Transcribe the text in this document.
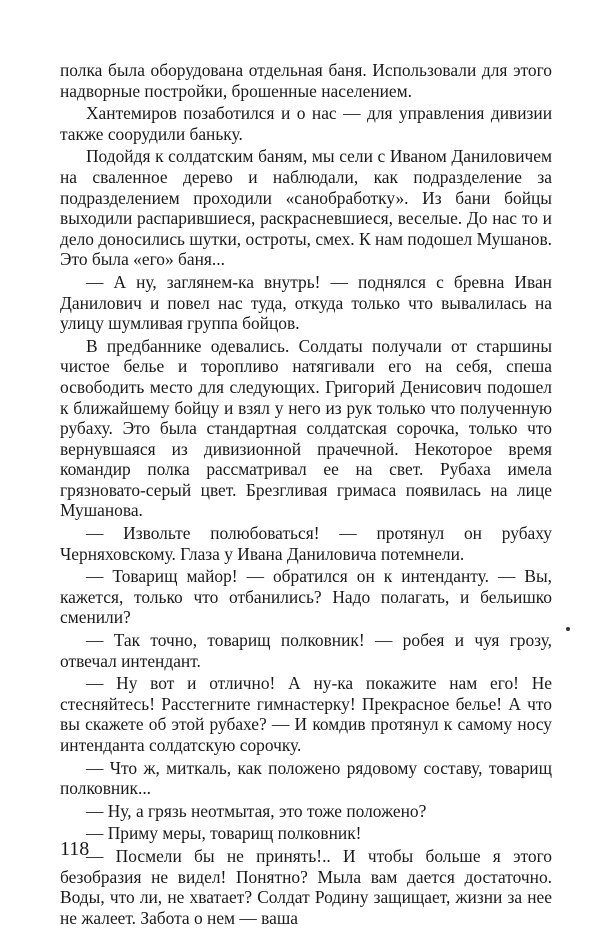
полка была оборудована отдельная баня. Использовали для этого надворные постройки, брошенные населением.

Хантемиров позаботился и о нас — для управления дивизии также соорудили баньку.

Подойдя к солдатским баням, мы сели с Иваном Даниловичем на сваленное дерево и наблюдали, как подразделение за подразделением проходили «санобработку». Из бани бойцы выходили распарившиеся, раскрасневшиеся, веселые. До нас то и дело доносились шутки, остроты, смех. К нам подошел Мушанов. Это была «его» баня...

— А ну, заглянем-ка внутрь! — поднялся с бревна Иван Данилович и повел нас туда, откуда только что вывалилась на улицу шумливая группа бойцов.

В предбаннике одевались. Солдаты получали от старшины чистое белье и торопливо натягивали его на себя, спеша освободить место для следующих. Григорий Денисович подошел к ближайшему бойцу и взял у него из рук только что полученную рубаху. Это была стандартная солдатская сорочка, только что вернувшаяся из дивизионной прачечной. Некоторое время командир полка рассматривал ее на свет. Рубаха имела грязновато-серый цвет. Брезгливая гримаса появилась на лице Мушанова.

— Извольте полюбоваться! — протянул он рубаху Черняховскому. Глаза у Ивана Даниловича потемнели.

— Товарищ майор! — обратился он к интенданту. — Вы, кажется, только что отбанились? Надо полагать, и бельишко сменили?

— Так точно, товарищ полковник! — робея и чуя грозу, отвечал интендант.

— Ну вот и отлично! А ну-ка покажите нам его! Не стесняйтесь! Расстегните гимнастерку! Прекрасное белье! А что вы скажете об этой рубахе? — И комдив протянул к самому носу интенданта солдатскую сорочку.

— Что ж, миткаль, как положено рядовому составу, товарищ полковник...

— Ну, а грязь неотмытая, это тоже положено?

— Приму меры, товарищ полковник!

— Посмели бы не принять!.. И чтобы больше я этого безобразия не видел! Понятно? Мыла вам дается достаточно. Воды, что ли, не хватает? Солдат Родину защищает, жизни за нее не жалеет. Забота о нем — ваша

118
